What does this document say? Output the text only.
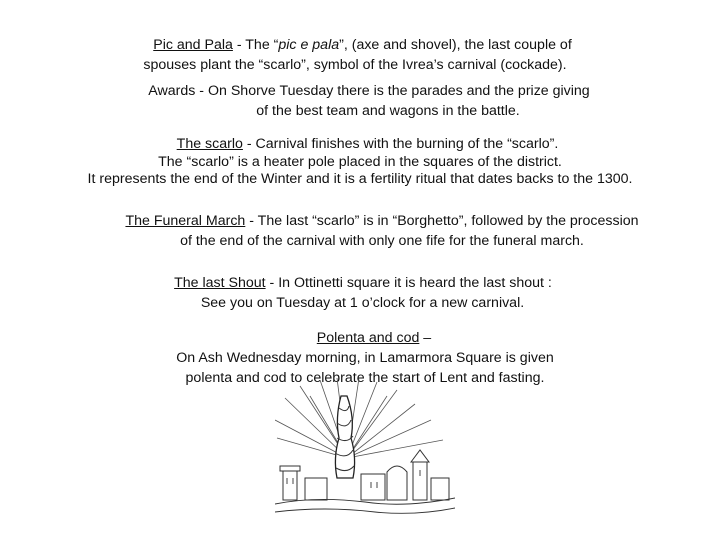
Pic and Pala - The “pic e pala”, (axe and shovel), the last couple of
spouses plant the “scarlo”, symbol of the Ivrea’s carnival (cockade).
Awards - On Shorve Tuesday there is the parades and the prize giving
of the best team and wagons in the battle.
The scarlo - Carnival finishes with the burning of the “scarlo”.
The “scarlo” is a heater pole placed in the squares of the district.
It represents the end of the Winter and it is a fertility ritual that dates backs to the 1300.
The Funeral March - The last “scarlo” is in “Borghetto”, followed by the procession
of the end of the carnival with only one fife for the funeral march.
The last Shout - In Ottinetti square it is heard the last shout :
See you on Tuesday at 1 o’clock for a new carnival.
Polenta and cod –
On Ash Wednesday morning, in Lamarmora Square is given
polenta and cod to celebrate the start of Lent and fasting.
